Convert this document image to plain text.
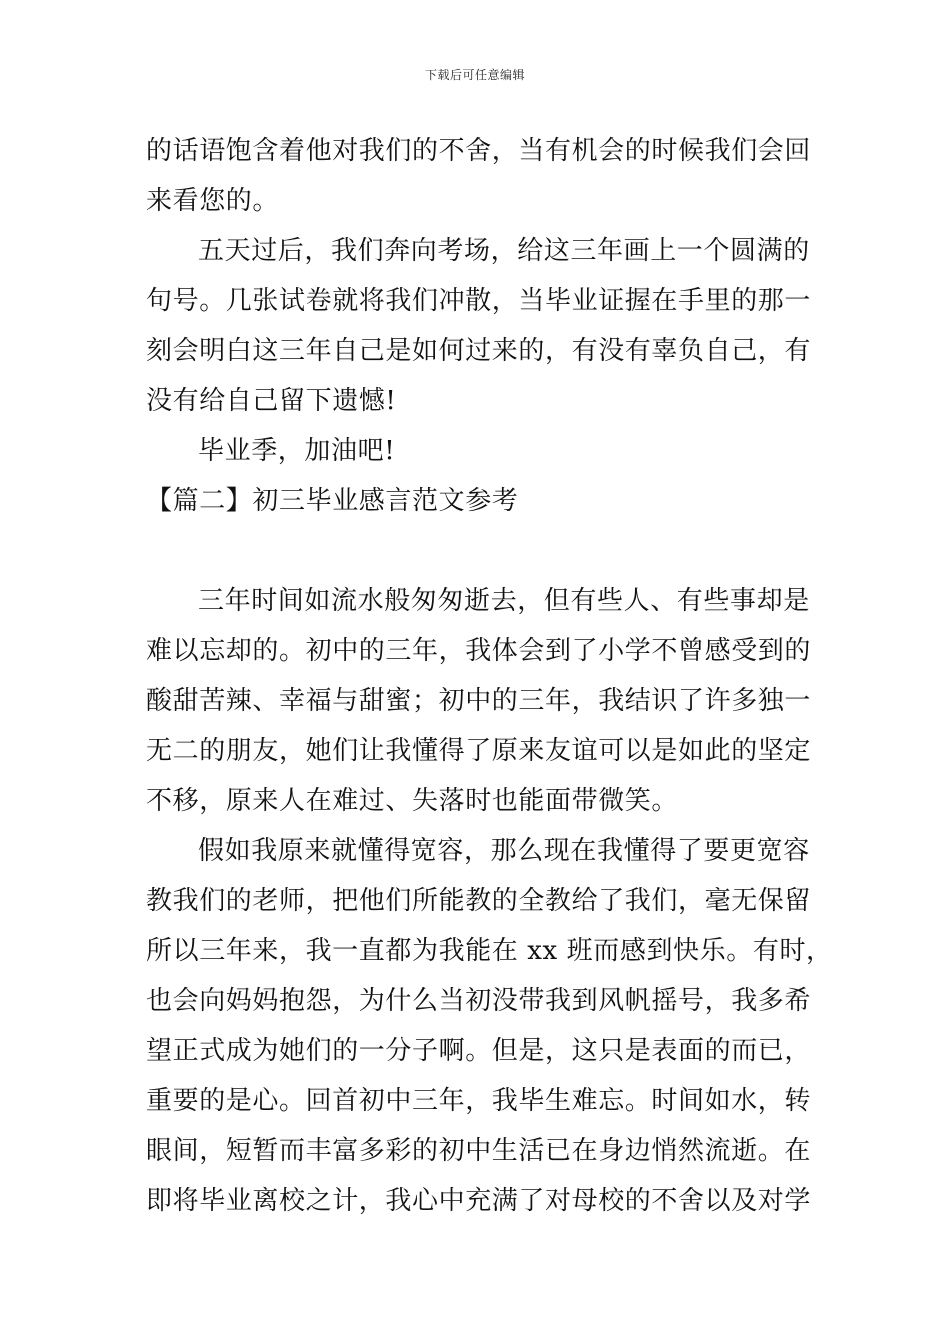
下载后可任意编辑
的话语饱含着他对我们的不舍，当有机会的时候我们会回
来看您的。
五天过后，我们奔向考场，给这三年画上一个圆满的
句号。几张试卷就将我们冲散，当毕业证握在手里的那一
刻会明白这三年自己是如何过来的，有没有辜负自己，有
没有给自己留下遗憾!
毕业季，加油吧!
【篇二】初三毕业感言范文参考
三年时间如流水般匆匆逝去，但有些人、有些事却是
难以忘却的。初中的三年，我体会到了小学不曾感受到的
酸甜苦辣、幸福与甜蜜；初中的三年，我结识了许多独一
无二的朋友，她们让我懂得了原来友谊可以是如此的坚定
不移，原来人在难过、失落时也能面带微笑。
假如我原来就懂得宽容，那么现在我懂得了要更宽容
教我们的老师，把他们所能教的全教给了我们，毫无保留
所以三年来，我一直都为我能在 xx 班而感到快乐。有时，
也会向妈妈抱怨，为什么当初没带我到风帆摇号，我多希
望正式成为她们的一分子啊。但是，这只是表面的而已，
重要的是心。回首初中三年，我毕生难忘。时间如水，转
眼间，短暂而丰富多彩的初中生活已在身边悄然流逝。在
即将毕业离校之计，我心中充满了对母校的不舍以及对学
